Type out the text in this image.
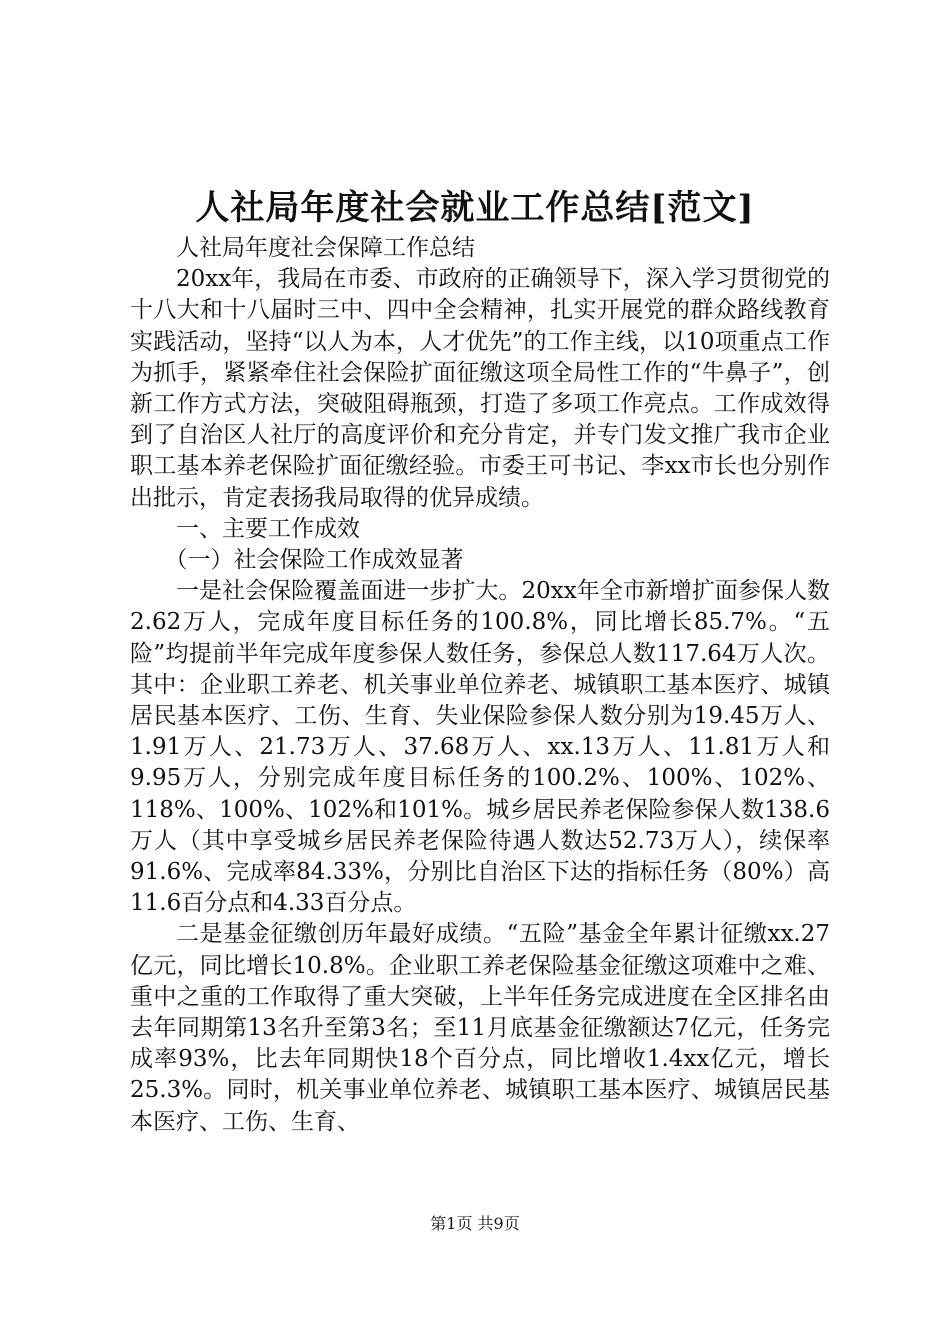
人社局年度社会就业工作总结[范文]

人社局年度社会保障工作总结

20xx年，我局在市委、市政府的正确领导下，深入学习贯彻党的十八大和十八届时三中、四中全会精神，扎实开展党的群众路线教育实践活动，坚持“以人为本，人才优先”的工作主线，以10项重点工作为抓手，紧紧牵住社会保险扩面征缴这项全局性工作的“牛鼻子”，创新工作方式方法，突破阻碍瓶颈，打造了多项工作亮点。工作成效得到了自治区人社厅的高度评价和充分肯定，并专门发文推广我市企业职工基本养老保险扩面征缴经验。市委王可书记、李xx市长也分别作出批示，肯定表扬我局取得的优异成绩。

一、主要工作成效

（一）社会保险工作成效显著

一是社会保险覆盖面进一步扩大。20xx年全市新增扩面参保人数2.62万人，完成年度目标任务的100.8%，同比增长85.7%。“五险”均提前半年完成年度参保人数任务，参保总人数117.64万人次。其中：企业职工养老、机关事业单位养老、城镇职工基本医疗、城镇居民基本医疗、工伤、生育、失业保险参保人数分别为19.45万人、1.91万人、21.73万人、37.68万人、xx.13万人、11.81万人和9.95万人，分别完成年度目标任务的100.2%、100%、102%、118%、100%、102%和101%。城乡居民养老保险参保人数138.6万人（其中享受城乡居民养老保险待遇人数达52.73万人），续保率91.6%、完成率84.33%，分别比自治区下达的指标任务（80%）高11.6百分点和4.33百分点。

二是基金征缴创历年最好成绩。“五险”基金全年累计征缴xx.27亿元，同比增长10.8%。企业职工养老保险基金征缴这项难中之难、重中之重的工作取得了重大突破，上半年任务完成进度在全区排名由去年同期第13名升至第3名；至11月底基金征缴额达7亿元，任务完成率93%，比去年同期快18个百分点，同比增收1.4xx亿元，增长25.3%。同时，机关事业单位养老、城镇职工基本医疗、城镇居民基本医疗、工伤、生育、

第1页 共9页
